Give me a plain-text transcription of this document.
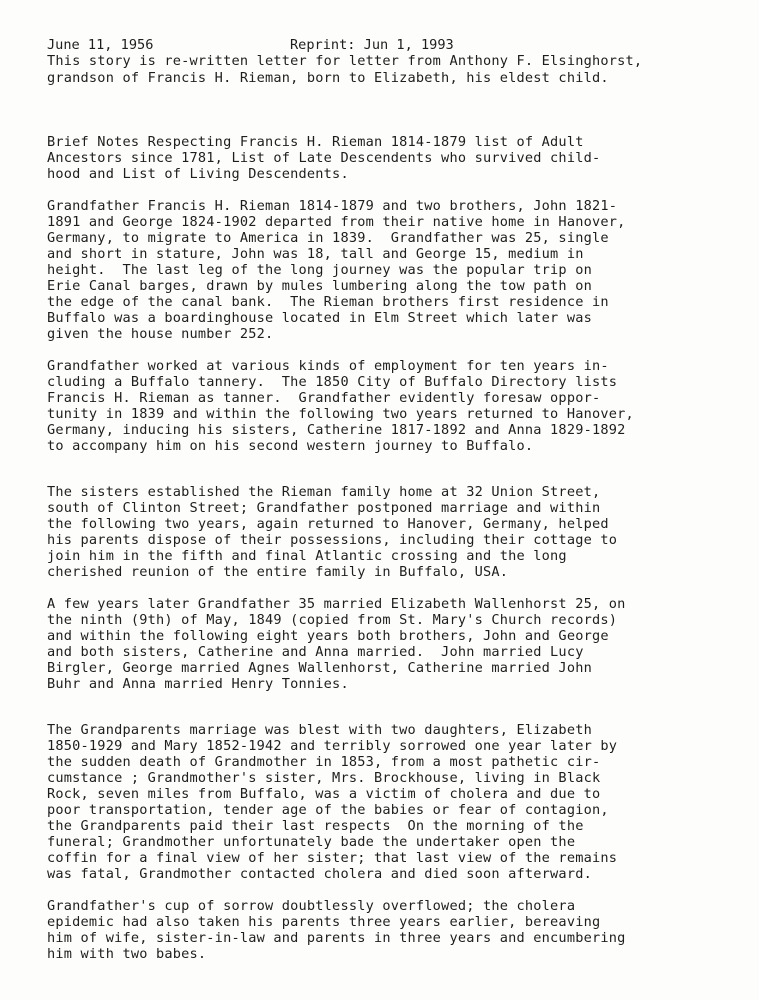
June 11, 1956	Reprint: Jun 1, 1993
This story is re-written letter for letter from Anthony F. Elsinghorst,
grandson of Francis H. Rieman, born to Elizabeth, his eldest child.
Brief Notes Respecting Francis H. Rieman 1814-1879 list of Adult
Ancestors since 1781, List of Late Descendents who survived child-
hood and List of Living Descendents.
Grandfather Francis H. Rieman 1814-1879 and two brothers, John 1821-
1891 and George 1824-1902 departed from their native home in Hanover,
Germany, to migrate to America in 1839.  Grandfather was 25, single
and short in stature, John was 18, tall and George 15, medium in
height.  The last leg of the long journey was the popular trip on
Erie Canal barges, drawn by mules lumbering along the tow path on
the edge of the canal bank.  The Rieman brothers first residence in
Buffalo was a boardinghouse located in Elm Street which later was
given the house number 252.
Grandfather worked at various kinds of employment for ten years in-
cluding a Buffalo tannery.  The 1850 City of Buffalo Directory lists
Francis H. Rieman as tanner.  Grandfather evidently foresaw oppor-
tunity in 1839 and within the following two years returned to Hanover,
Germany, inducing his sisters, Catherine 1817-1892 and Anna 1829-1892
to accompany him on his second western journey to Buffalo.
The sisters established the Rieman family home at 32 Union Street,
south of Clinton Street; Grandfather postponed marriage and within
the following two years, again returned to Hanover, Germany, helped
his parents dispose of their possessions, including their cottage to
join him in the fifth and final Atlantic crossing and the long
cherished reunion of the entire family in Buffalo, USA.
A few years later Grandfather 35 married Elizabeth Wallenhorst 25, on
the ninth (9th) of May, 1849 (copied from St. Mary's Church records)
and within the following eight years both brothers, John and George
and both sisters, Catherine and Anna married.  John married Lucy
Birgler, George married Agnes Wallenhorst, Catherine married John
Buhr and Anna married Henry Tonnies.
The Grandparents marriage was blest with two daughters, Elizabeth
1850-1929 and Mary 1852-1942 and terribly sorrowed one year later by
the sudden death of Grandmother in 1853, from a most pathetic cir-
cumstance ; Grandmother's sister, Mrs. Brockhouse, living in Black
Rock, seven miles from Buffalo, was a victim of cholera and due to
poor transportation, tender age of the babies or fear of contagion,
the Grandparents paid their last respects  On the morning of the
funeral; Grandmother unfortunately bade the undertaker open the
coffin for a final view of her sister; that last view of the remains
was fatal, Grandmother contacted cholera and died soon afterward.
Grandfather's cup of sorrow doubtlessly overflowed; the cholera
epidemic had also taken his parents three years earlier, bereaving
him of wife, sister-in-law and parents in three years and encumbering
him with two babes.
